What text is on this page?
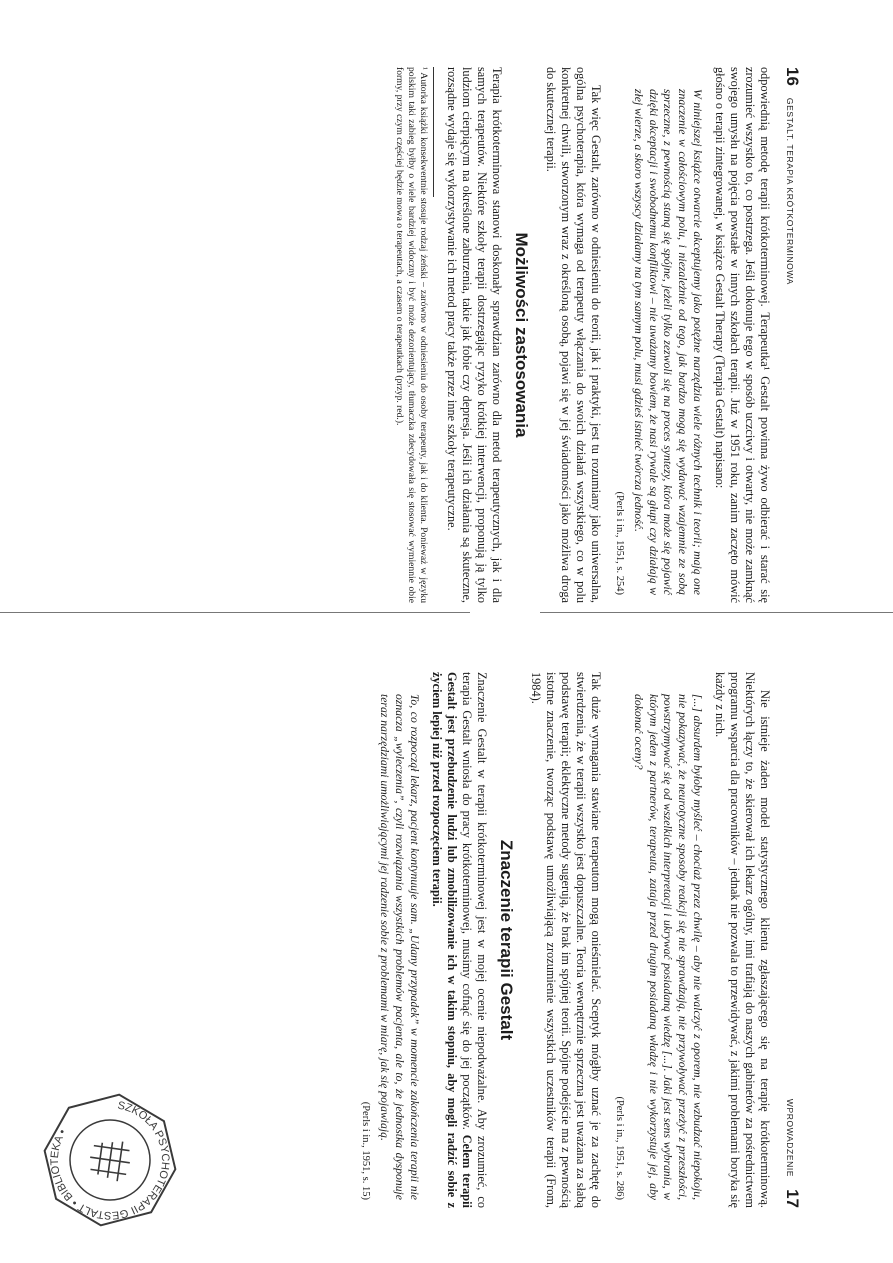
16
GESTALT. TERAPIA KRÓTKOTERMINOWA

odpowiednią metodę terapii krótkoterminowej. Terapeutka¹ Gestalt powinna żywo odbierać i starać się zrozumieć wszystko to, co postrzega. Jeśli dokonuje tego w sposób uczciwy i otwarty, nie może zamknąć swojego umysłu na pojęcia powstałe w innych szkołach terapii. Już w 1951 roku, zanim zaczęto mówić głośno o terapii zintegrowanej, w książce Gestalt Therapy (Terapia Gestalt) napisano:

W niniejszej książce otwarcie akceptujemy jako potężne narzędzia wiele różnych technik i teorii; mają one znaczenie w całościowym polu, i niezależnie od tego, jak bardzo mogą się wydawać wzajemnie ze sobą sprzeczne, z pewnością staną się spójne, jeżeli tylko zezwoli się na proces syntezy, która może się pojawić dzięki akceptacji i swobodnemu konfliktowi – nie uważamy bowiem, że nasi rywale są głupi czy działają w złej wierze, a skoro wszyscy działamy na tym samym polu, musi gdzieś istnieć twórcza jedność.
(Perls i in., 1951, s. 254)

Tak więc Gestalt, zarówno w odniesieniu do teorii, jak i praktyki, jest tu rozumiany jako uniwersalna, ogólna psychoterapia, która wymaga od terapeuty włączania do swoich działań wszystkiego, co w polu konkretnej chwili, stworzonym wraz z określoną osobą, pojawi się w jej świadomości jako możliwa droga do skutecznej terapii.

Możliwości zastosowania

Terapia krótkoterminowa stanowi doskonały sprawdzian zarówno dla metod terapeutycznych, jak i dla samych terapeutów. Niektóre szkoły terapii dostrzegając ryzyko krótkiej interwencji, proponują ją tylko ludziom cierpiącym na określone zaburzenia, takie jak fobie czy depresja. Jeśli ich działania są skuteczne, rozsądne wydaje się wykorzystywanie ich metod pracy także przez inne szkoły terapeutyczne.

¹ Autorka książki konsekwentnie stosuje rodzaj żeński – zarówno w odniesieniu do osoby terapeuty, jak i do klienta. Ponieważ w języku polskim taki zabieg byłby o wiele bardziej widoczny i być może dezorientujący, tłumaczka zdecydowała się stosować wymiennie obie formy, przy czym częściej będzie mowa o terapeutach, a czasem o terapeutkach (przyp. red.).
WPROWADZENIE
17

Nie istnieje żaden model statystycznego klienta zgłaszającego się na terapię krótkoterminową. Niektórych łączy to, że skierował ich lekarz ogólny, inni trafiają do naszych gabinetów za pośrednictwem programu wsparcia dla pracowników – jednak nie pozwala to przewidywać, z jakimi problemami boryka się każdy z nich.

[...] absurdem byłoby myśleć – chociaż przez chwilę – aby nie walczyć z oporem, nie wzbudzać niepokoju, nie pokazywać, że neurotyczne sposoby reakcji się nie sprawdzają, nie przywoływać przeżyć z przeszłości, powstrzymywać się od wszelkich interpretacji i ukrywać posiadaną wiedzę [...]. Jaki jest sens wybrania, w którym jeden z partnerów, terapeuta, zataja przed drugim posiadaną władzę i nie wykorzystuje jej, aby dokonać oceny?
(Perls i in., 1951, s. 286)

Tak duże wymagania stawiane terapeutom mogą onieśmielać. Sceptyk mógłby uznać je za zachętę do stwierdzenia, że w terapii wszystko jest dopuszczalne. Teoria wewnętrznie sprzeczna jest uważana za słabą podstawę terapii; eklektyczne metody sugerują, że brak im spójnej teorii. Spójne podejście ma z pewnością istotne znaczenie, tworząc podstawę umożliwiającą zrozumienie wszystkich uczestników terapii (From, 1984).

Znaczenie terapii Gestalt

Znaczenie Gestalt w terapii krótkoterminowej jest w mojej ocenie niepodważalne. Aby zrozumieć, co terapia Gestalt wniosła do pracy krótkoterminowej, musimy cofnąć się do jej początków. Celem terapii Gestalt jest przebudzenie ludzi lub zmobilizowanie ich w takim stopniu, aby mogli radzić sobie z życiem lepiej niż przed rozpoczęciem terapii.

To, co rozpoczął lekarz, pacjent kontynuuje sam. „Udany przypadek” w momencie zakończenia terapii nie oznacza „wyleczenia”, czyli rozwiązania wszystkich problemów pacjenta, ale to, że jednostka dysponuje teraz narzędziami umożliwiającymi jej radzenie sobie z problemami w miarę, jak się pojawiają.
(Perls i in., 1951, s. 15)
SZKOŁA PSYCHOTERAPII GESTALT • BIBLIOTEKA •
